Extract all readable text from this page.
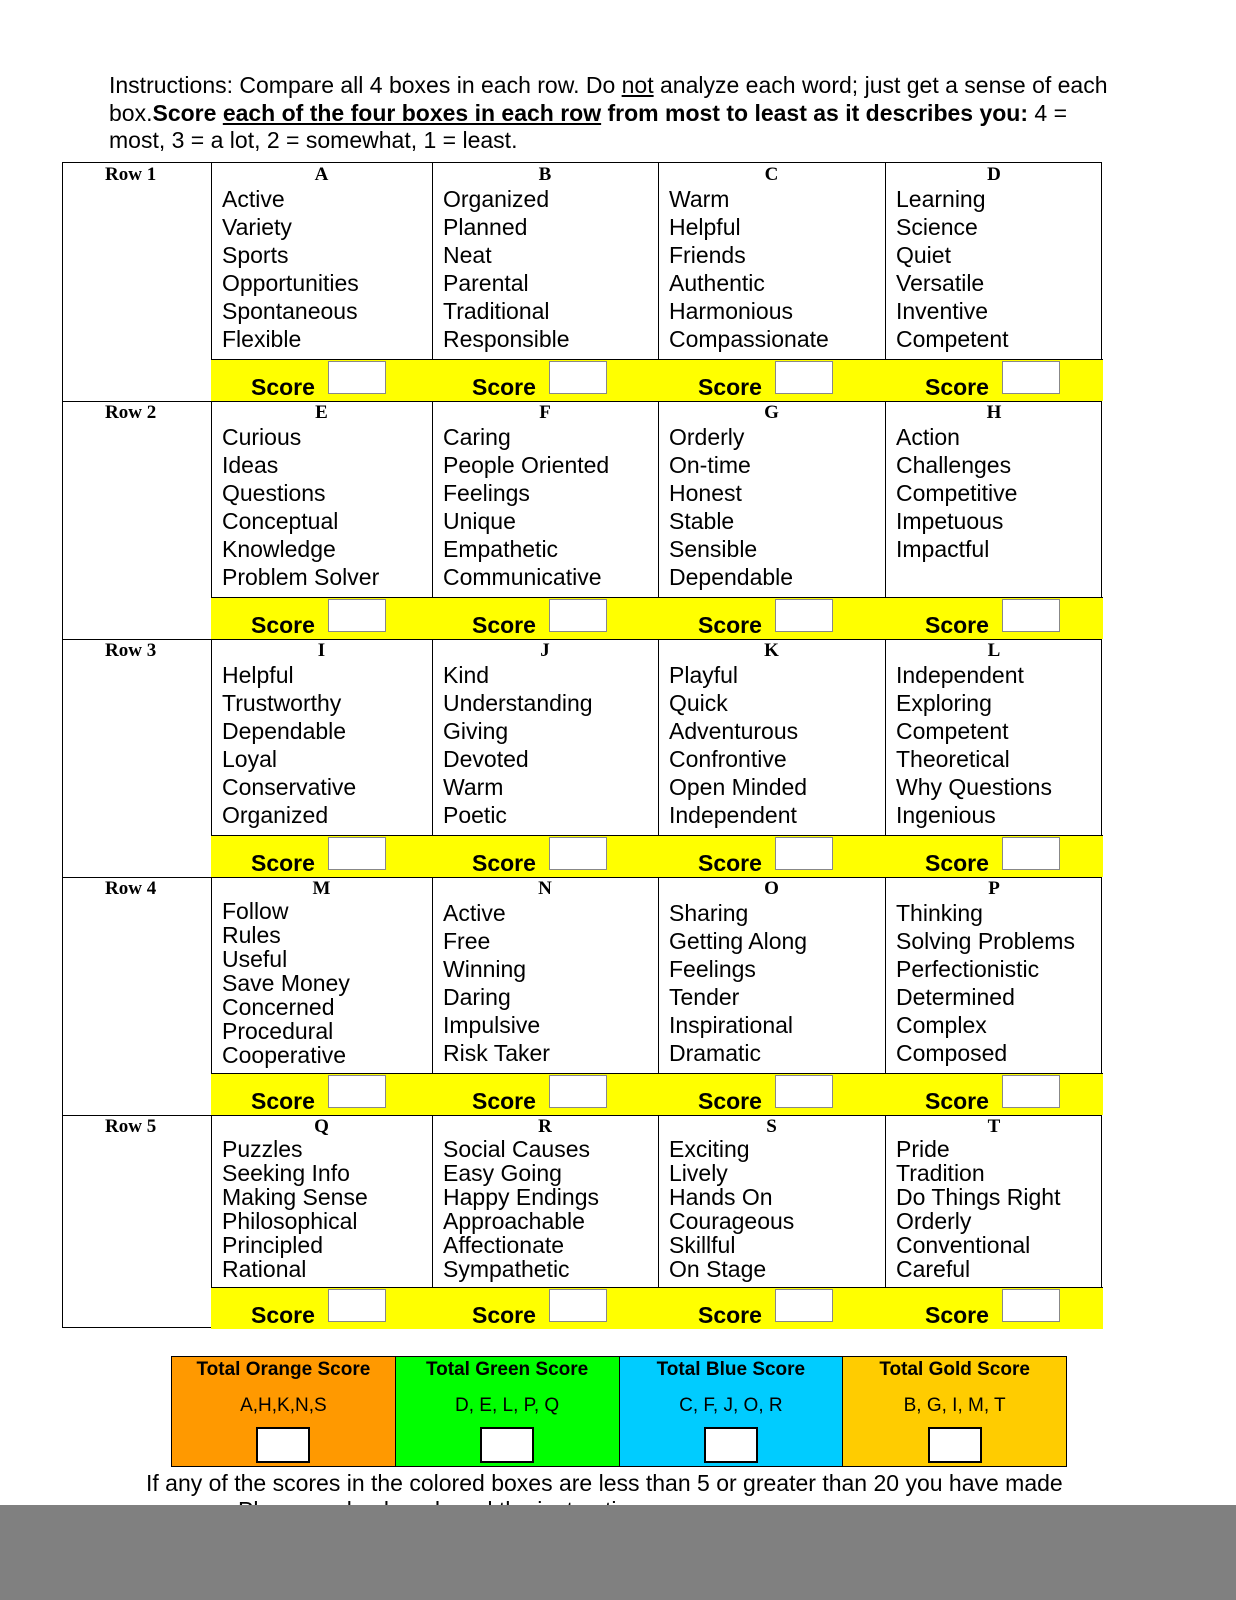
Instructions: Compare all 4 boxes in each row. Do not analyze each word; just get a sense of each box.Score each of the four boxes in each row from most to least as it describes you: 4 = most, 3 = a lot, 2 = somewhat, 1 = least.
Row 1	A
Active
Variety
Sports
Opportunities
Spontaneous
Flexible
Score
B
Organized
Planned
Neat
Parental
Traditional
Responsible
Score
C
Warm
Helpful
Friends
Authentic
Harmonious
Compassionate
Score
D
Learning
Science
Quiet
Versatile
Inventive
Competent
Score
Row 2	E
Curious
Ideas
Questions
Conceptual
Knowledge
Problem Solver
Score
F
Caring
People Oriented
Feelings
Unique
Empathetic
Communicative
Score
G
Orderly
On-time
Honest
Stable
Sensible
Dependable
Score
H
Action
Challenges
Competitive
Impetuous
Impactful
Score
Row 3	I
Helpful
Trustworthy
Dependable
Loyal
Conservative
Organized
Score
J
Kind
Understanding
Giving
Devoted
Warm
Poetic
Score
K
Playful
Quick
Adventurous
Confrontive
Open Minded
Independent
Score
L
Independent
Exploring
Competent
Theoretical
Why Questions
Ingenious
Score
Row 4	M
Follow
Rules
Useful
Save Money
Concerned
Procedural
Cooperative
Score
N
Active
Free
Winning
Daring
Impulsive
Risk Taker
Score
O
Sharing
Getting Along
Feelings
Tender
Inspirational
Dramatic
Score
P
Thinking
Solving Problems
Perfectionistic
Determined
Complex
Composed
Score
Row 5	Q
Puzzles
Seeking Info
Making Sense
Philosophical
Principled
Rational
Score
R
Social Causes
Easy Going
Happy Endings
Approachable
Affectionate
Sympathetic
Score
S
Exciting
Lively
Hands On
Courageous
Skillful
On Stage
Score
T
Pride
Tradition
Do Things Right
Orderly
Conventional
Careful
Score
Total Orange Score
A,H,K,N,S
Total Green Score
D, E, L, P, Q
Total Blue Score
C, F, J, O, R
Total Gold Score
B, G, I, M, T
If any of the scores in the colored boxes are less than 5 or greater than 20 you have made
